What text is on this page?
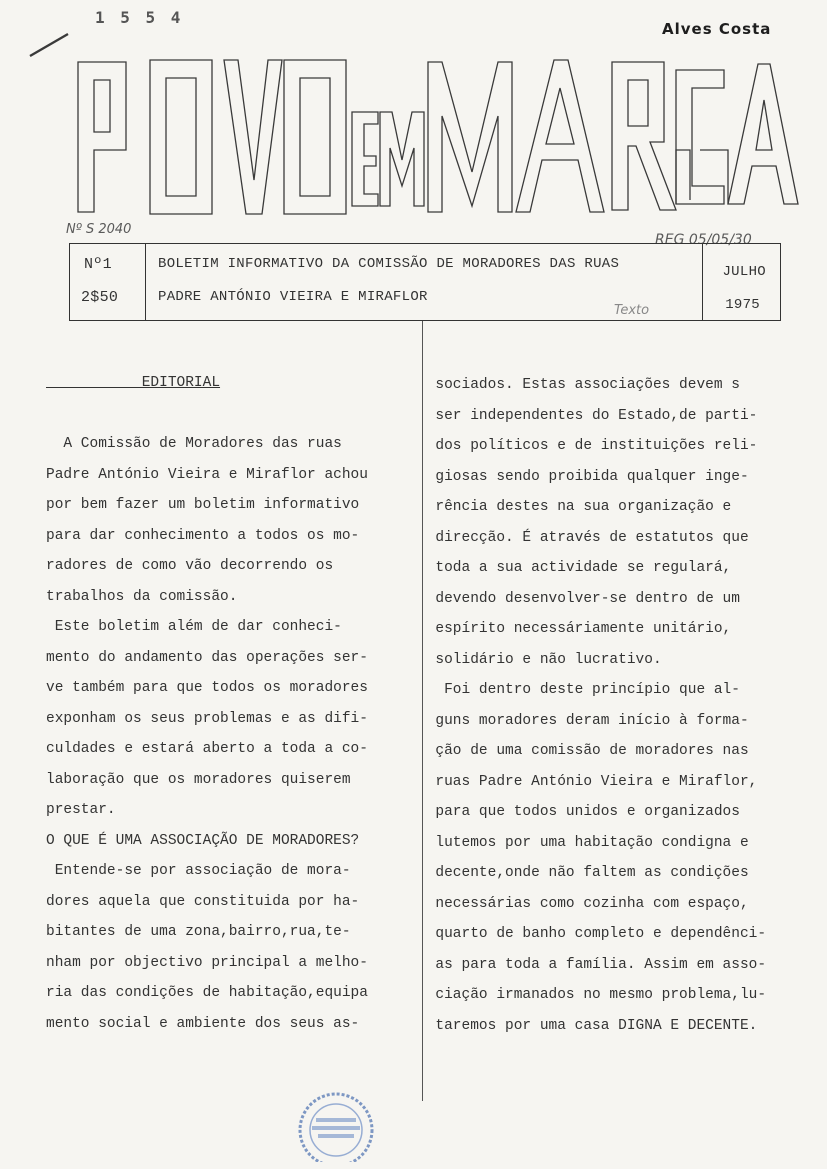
1 5 5 4
Alves Costa
Nº S 2040
REG 05/05/30
Nº1
2$50
BOLETIM INFORMATIVO DA COMISSÃO DE MORADORES DAS RUAS
PADRE ANTÓNIO VIEIRA E MIRAFLOR
JULHO
1975
Texto
EDITORIAL
A Comissão de Moradores das ruas
Padre António Vieira e Miraflor achou
por bem fazer um boletim informativo
para dar conhecimento a todos os mo-
radores de como vão decorrendo os
trabalhos da comissão.
Este boletim além de dar conheci-
mento do andamento das operações ser-
ve também para que todos os moradores
exponham os seus problemas e as difi-
culdades e estará aberto a toda a co-
laboração que os moradores quiserem
prestar.
O QUE É UMA ASSOCIAÇÃO DE MORADORES?
Entende-se por associação de mora-
dores aquela que constituida por ha-
bitantes de uma zona,bairro,rua,te-
nham por objectivo principal a melho-
ria das condições de habitação,equipa
mento social e ambiente dos seus as-
sociados. Estas associações devem s
ser independentes do Estado,de parti-
dos políticos e de instituições reli-
giosas sendo proibida qualquer inge-
rência destes na sua organização e
direcção. É através de estatutos que
toda a sua actividade se regulará,
devendo desenvolver-se dentro de um
espírito necessáriamente unitário,
solidário e não lucrativo.
Foi dentro deste princípio que al-
guns moradores deram início à forma-
ção de uma comissão de moradores nas
ruas Padre António Vieira e Miraflor,
para que todos unidos e organizados
lutemos por uma habitação condigna e
decente,onde não faltem as condições
necessárias como cozinha com espaço,
quarto de banho completo e dependênci-
as para toda a família. Assim em asso-
ciação irmanados no mesmo problema,lu-
taremos por uma casa DIGNA E DECENTE.
